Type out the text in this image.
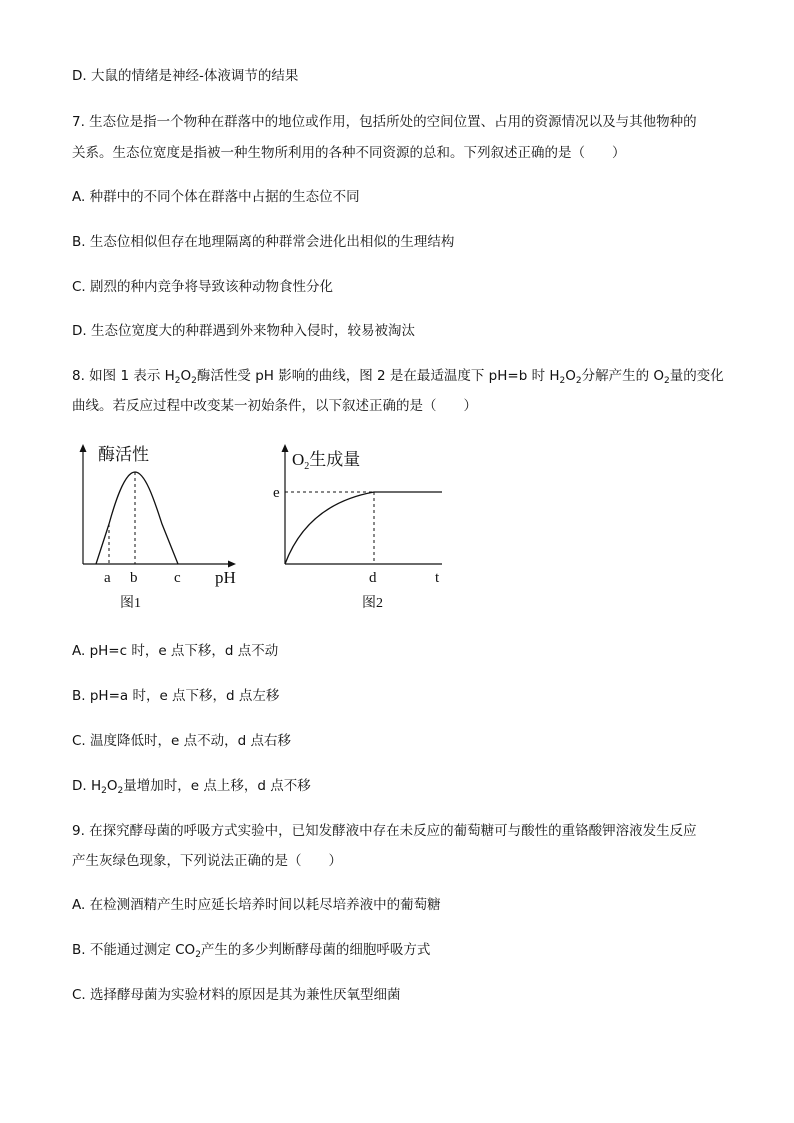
D. 大鼠的情绪是神经-体液调节的结果
7. 生态位是指一个物种在群落中的地位或作用，包括所处的空间位置、占用的资源情况以及与其他物种的
关系。生态位宽度是指被一种生物所利用的各种不同资源的总和。下列叙述正确的是（　　）
A. 种群中的不同个体在群落中占据的生态位不同
B. 生态位相似但存在地理隔离的种群常会进化出相似的生理结构
C. 剧烈的种内竞争将导致该种动物食性分化
D. 生态位宽度大的种群遇到外来物种入侵时，较易被淘汰
8. 如图 1 表示 $H_2O_2$酶活性受 pH 影响的曲线，图 2 是在最适温度下 pH=b 时 $H_2O_2$分解产生的 $O_2$量的变化
曲线。若反应过程中改变某一初始条件，以下叙述正确的是（　　）
酶活性
a b c pH
图1
$O_2$生成量
e
d	t
图2
A. pH=c 时，e 点下移，d 点不动
B. pH=a 时，e 点下移，d 点左移
C. 温度降低时，e 点不动，d 点右移
D. $H_2O_2$量增加时，e 点上移，d 点不移
9. 在探究酵母菌的呼吸方式实验中，已知发酵液中存在未反应的葡萄糖可与酸性的重铬酸钾溶液发生反应
产生灰绿色现象，下列说法正确的是（　　）
A. 在检测酒精产生时应延长培养时间以耗尽培养液中的葡萄糖
B. 不能通过测定 $CO_2$产生的多少判断酵母菌的细胞呼吸方式
C. 选择酵母菌为实验材料的原因是其为兼性厌氧型细菌
